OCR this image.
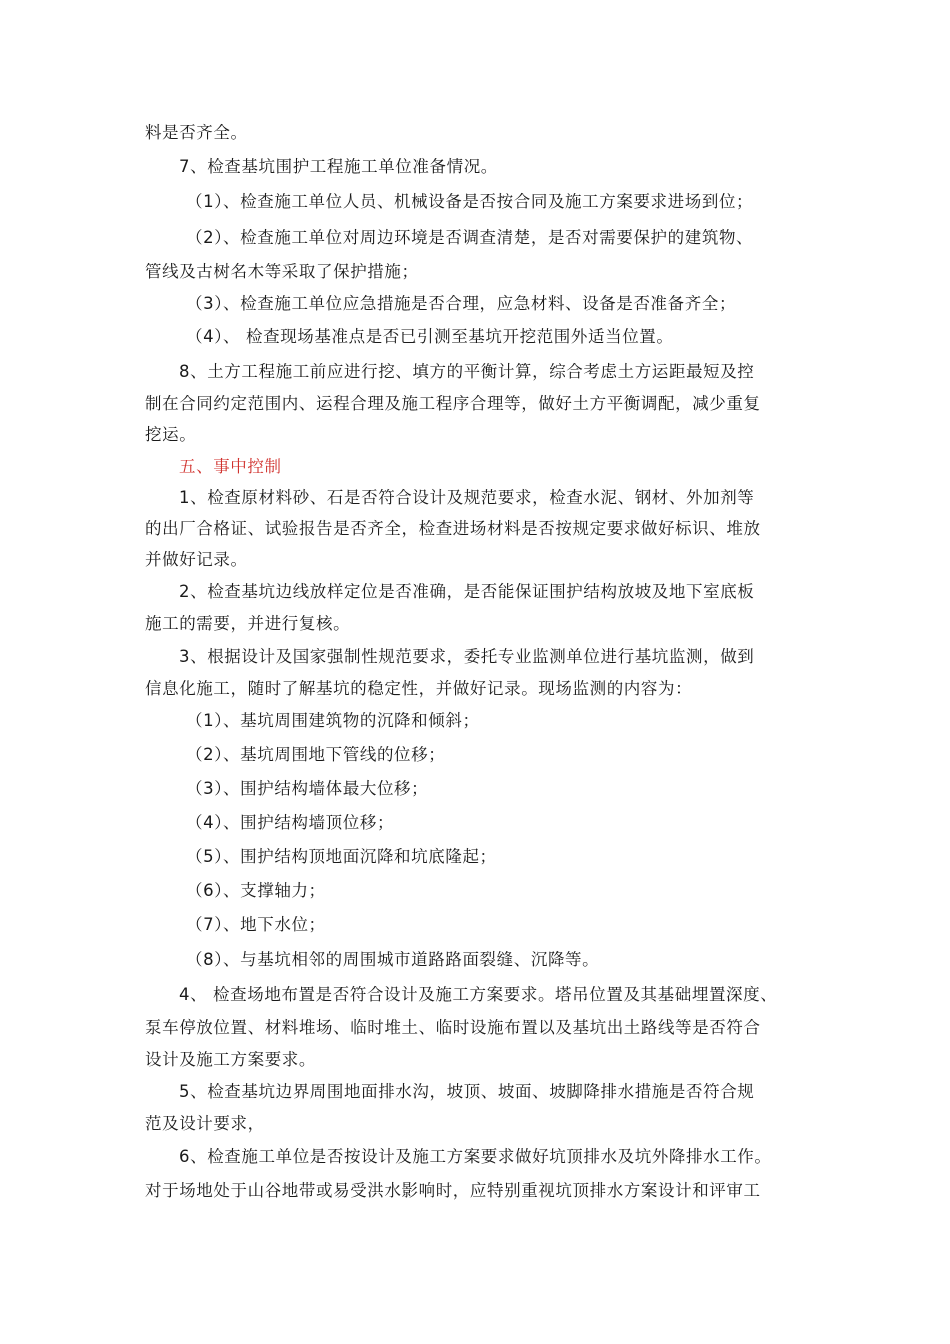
料是否齐全。
7、检查基坑围护工程施工单位准备情况。
（1）、检查施工单位人员、机械设备是否按合同及施工方案要求进场到位；
（2）、检查施工单位对周边环境是否调查清楚，是否对需要保护的建筑物、
管线及古树名木等采取了保护措施；
（3）、检查施工单位应急措施是否合理，应急材料、设备是否准备齐全；
（4）、 检查现场基准点是否已引测至基坑开挖范围外适当位置。
8、土方工程施工前应进行挖、填方的平衡计算，综合考虑土方运距最短及控
制在合同约定范围内、运程合理及施工程序合理等，做好土方平衡调配，减少重复
挖运。
五、事中控制
1、检查原材料砂、石是否符合设计及规范要求，检查水泥、钢材、外加剂等
的出厂合格证、试验报告是否齐全，检查进场材料是否按规定要求做好标识、堆放
并做好记录。
2、检查基坑边线放样定位是否准确，是否能保证围护结构放坡及地下室底板
施工的需要，并进行复核。
3、根据设计及国家强制性规范要求，委托专业监测单位进行基坑监测，做到
信息化施工，随时了解基坑的稳定性，并做好记录。现场监测的内容为：
（1）、基坑周围建筑物的沉降和倾斜；
（2）、基坑周围地下管线的位移；
（3）、围护结构墙体最大位移；
（4）、围护结构墙顶位移；
（5）、围护结构顶地面沉降和坑底隆起；
（6）、支撑轴力；
（7）、地下水位；
（8）、与基坑相邻的周围城市道路路面裂缝、沉降等。
4、 检查场地布置是否符合设计及施工方案要求。塔吊位置及其基础埋置深度、
泵车停放位置、材料堆场、临时堆土、临时设施布置以及基坑出土路线等是否符合
设计及施工方案要求。
5、检查基坑边界周围地面排水沟，坡顶、坡面、坡脚降排水措施是否符合规
范及设计要求，
6、检查施工单位是否按设计及施工方案要求做好坑顶排水及坑外降排水工作。
对于场地处于山谷地带或易受洪水影响时，应特别重视坑顶排水方案设计和评审工
